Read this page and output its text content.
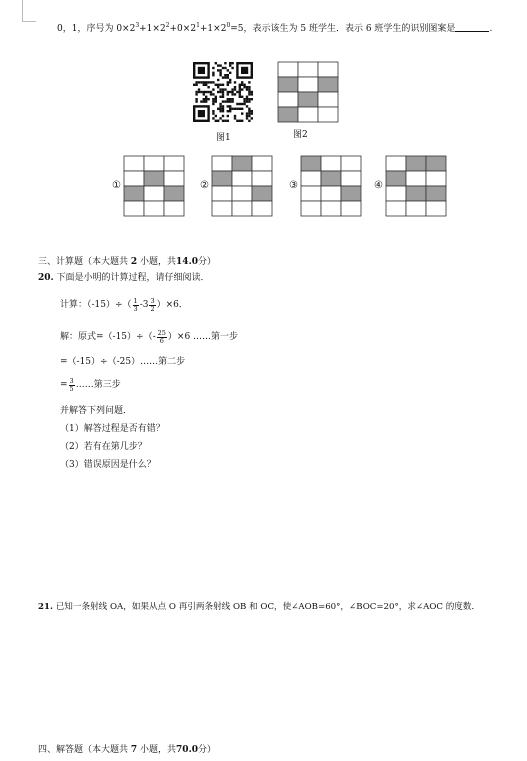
0，1，序号为 $0\times 2^3+1\times 2^2+0\times 2^1+1\times 2^0=5$，表示该生为 5 班学生．表示 6 班学生的识别图案是	.
图1	图2
①	②	③	④
三、计算题（本大题共 2 小题，共14.0分）
20. 下面是小明的计算过程，请仔细阅读．
计算：$(-15)\div( \frac{1}{3} -3 \frac{3}{2} )\times 6$．
解：原式$=(-15)\div(- \frac{25}{6} )\times 6$ ……第一步
=（-15）÷（-25）……第二步
= $\frac{3}{5}$ ……第三步
并解答下列问题．
（1）解答过程是否有错？
（2）若有在第几步？
（3）错误原因是什么？
21. 已知一条射线 OA，如果从点 O 再引两条射线 OB 和 OC，使∠AOB=60°，∠BOC=20°，求∠AOC 的度数．
四、解答题（本大题共 7 小题，共70.0分）
